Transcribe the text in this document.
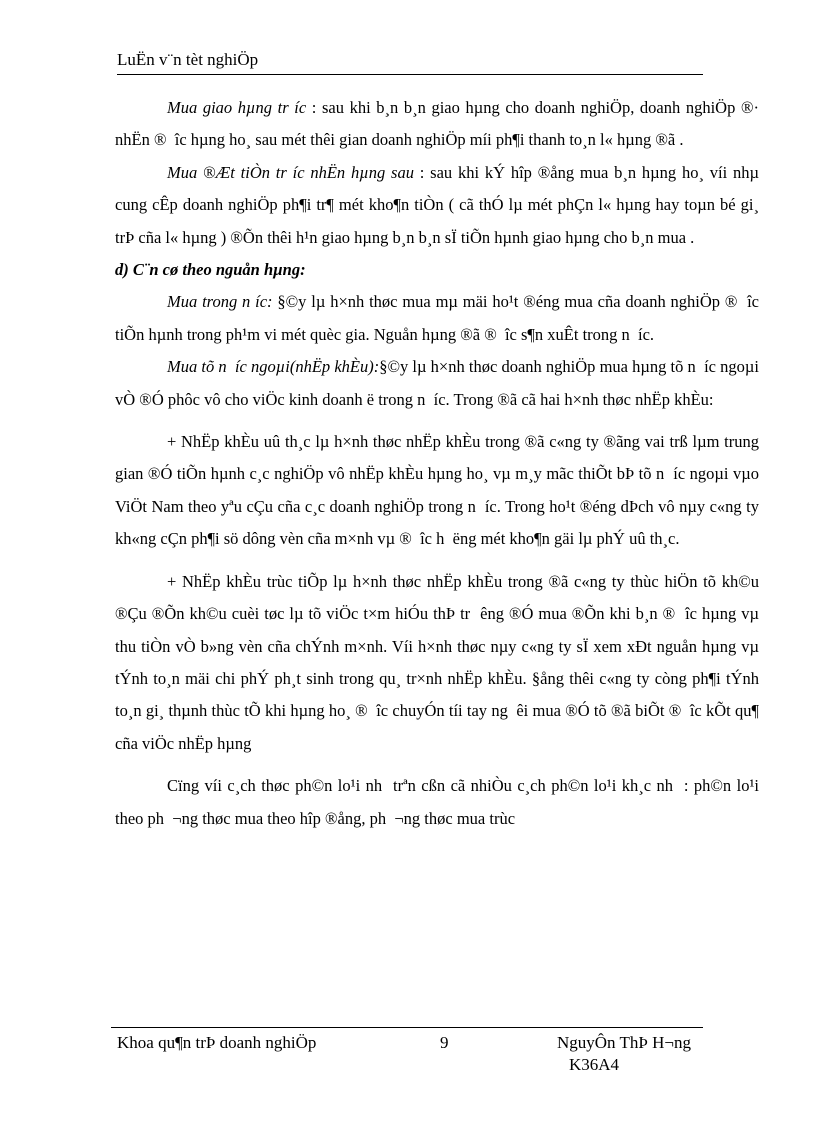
LuËn v¨n tèt nghiÖp

Mua giao hµng tr íc : sau khi b¸n b¸n giao hµng cho doanh nghiÖp, doanh nghiÖp ®· nhËn ® îc hµng ho¸ sau mét thêi gian doanh nghiÖp míi ph¶i thanh to¸n l« hµng ®ã .

Mua ®Æt tiÒn tr íc nhËn hµng sau : sau khi kÝ hîp ®ång mua b¸n hµng ho¸ víi nhµ cung cÊp doanh nghiÖp ph¶i tr¶ mét kho¶n tiÒn ( cã thÓ lµ mét phÇn l« hµng hay toµn bé gi¸ trÞ cña l« hµng ) ®Õn thêi h¹n giao hµng b¸n b¸n sÏ tiÕn hµnh giao hµng cho b¸n mua .

d) C¨n cø theo nguån hµng:

Mua trong n íc: §©y lµ h×nh thøc mua mµ mäi ho¹t ®éng mua cña doanh nghiÖp ® îc tiÕn hµnh trong ph¹m vi mét quèc gia. Nguån hµng ®ã ® îc s¶n xuÊt trong n íc.

Mua tõ n íc ngoµi(nhËp khÈu):§©y lµ h×nh thøc doanh nghiÖp mua hµng tõ n íc ngoµi vÒ ®Ó phôc vô cho viÖc kinh doanh ë trong n íc. Trong ®ã cã hai h×nh thøc nhËp khÈu:

+ NhËp khÈu uû th¸c lµ h×nh thøc nhËp khÈu trong ®ã c«ng ty ®ãng vai trß lµm trung gian ®Ó tiÕn hµnh c¸c nghiÖp vô nhËp khÈu hµng ho¸ vµ m¸y mãc thiÕt bÞ tõ n íc ngoµi vµo ViÖt Nam theo yªu cÇu cña c¸c doanh nghiÖp trong n íc. Trong ho¹t ®éng dÞch vô nµy c«ng ty kh«ng cÇn ph¶i sö dông vèn cña m×nh vµ ® îc h ëng mét kho¶n gäi lµ phÝ uû th¸c.

+ NhËp khÈu trùc tiÕp lµ h×nh thøc nhËp khÈu trong ®ã c«ng ty thùc hiÖn tõ kh©u ®Çu ®Õn kh©u cuèi tøc lµ tõ viÖc t×m hiÓu thÞ tr êng ®Ó mua ®Õn khi b¸n ® îc hµng vµ thu tiÒn vÒ b»ng vèn cña chÝnh m×nh. Víi h×nh thøc nµy c«ng ty sÏ xem xÐt nguån hµng vµ tÝnh to¸n mäi chi phÝ ph¸t sinh trong qu¸ tr×nh nhËp khÈu. §ång thêi c«ng ty còng ph¶i tÝnh to¸n gi¸ thµnh thùc tÕ khi hµng ho¸ ® îc chuyÓn tíi tay ng êi mua ®Ó tõ ®ã biÕt ® îc kÕt qu¶ cña viÖc nhËp hµng

Cïng víi c¸ch thøc ph©n lo¹i nh trªn cßn cã nhiÒu c¸ch ph©n lo¹i kh¸c nh : ph©n lo¹i theo ph ¬ng thøc mua theo hîp ®ång, ph ¬ng thøc mua trùc

Khoa qu¶n trÞ doanh nghiÖp	9	NguyÔn ThÞ H¬ng
K36A4
